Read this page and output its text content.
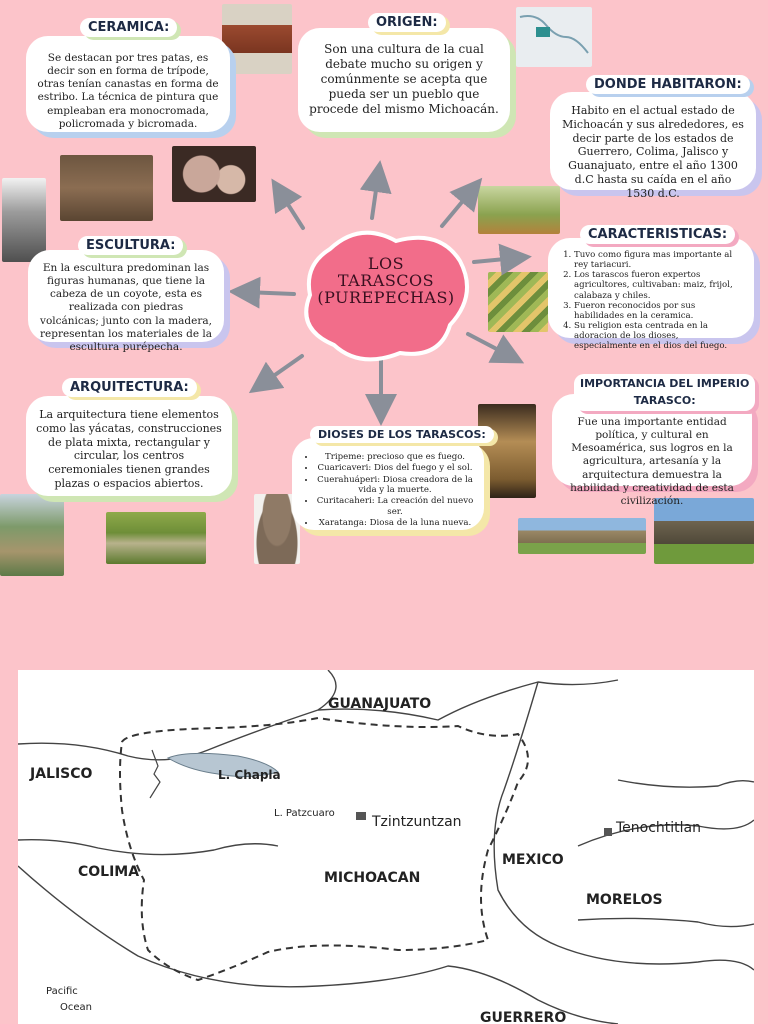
LOS
TARASCOS
(PUREPECHAS)

Se destacan por tres patas, es decir son en forma de trípode, otras tenían canastas en forma de estribo. La técnica de pintura que empleaban era monocromada, policromada y bicromada.

CERAMICA:

Son una cultura de la cual debate mucho su origen y comúnmente se acepta que pueda ser un pueblo que procede del mismo Michoacán.

ORIGEN:

Habito en el actual estado de Michoacán y sus alrededores, es decir parte de los estados de Guerrero, Colima, Jalisco y Guanajuato, entre el año 1300 d.C hasta su caída en el año 1530 d.C.

DONDE HABITARON:

En la escultura predominan las figuras humanas, que tiene la cabeza de un coyote, esta es realizada con piedras volcánicas; junto con la madera, representan los materiales de la escultura purépecha.

ESCULTURA:
1. Tuvo como figura mas importante al rey tariacuri.
2. Los tarascos fueron expertos agricultores, cultivaban: maiz, frijol, calabaza y chiles.
3. Fueron reconocidos por sus habilidades en la ceramica.
4. Su religion esta centrada en la adoracion de los dioses, especialmente en el dios del fuego.
CARACTERISTICAS:

La arquitectura tiene elementos como las yácatas, construcciones de plata mixta, rectangular y circular, los centros ceremoniales tienen grandes plazas o espacios abiertos.

ARQUITECTURA:
• Tripeme: precioso que es fuego.
• Cuaricaveri: Dios del fuego y el sol.
• Cuerahuáperi: Diosa creadora de la vida y la muerte.
• Curitacaheri: La creación del nuevo ser.
• Xaratanga: Diosa de la luna nueva.
DIOSES DE LOS TARASCOS:

Fue una importante entidad política, y cultural en Mesoamérica, sus logros en la agricultura, artesanía y la arquitectura demuestra la habilidad y creatividad de esta civilización.

IMPORTANCIA DEL IMPERIO
TARASCO:
GUANAJUATO
JALISCO	L. Chapla
L. Patzcuaro
Tzintzuntzan	Tenochtitlan
MEXICO
COLIMA	MICHOACAN
MORELOS
Pacific
Ocean
GUERRERO
